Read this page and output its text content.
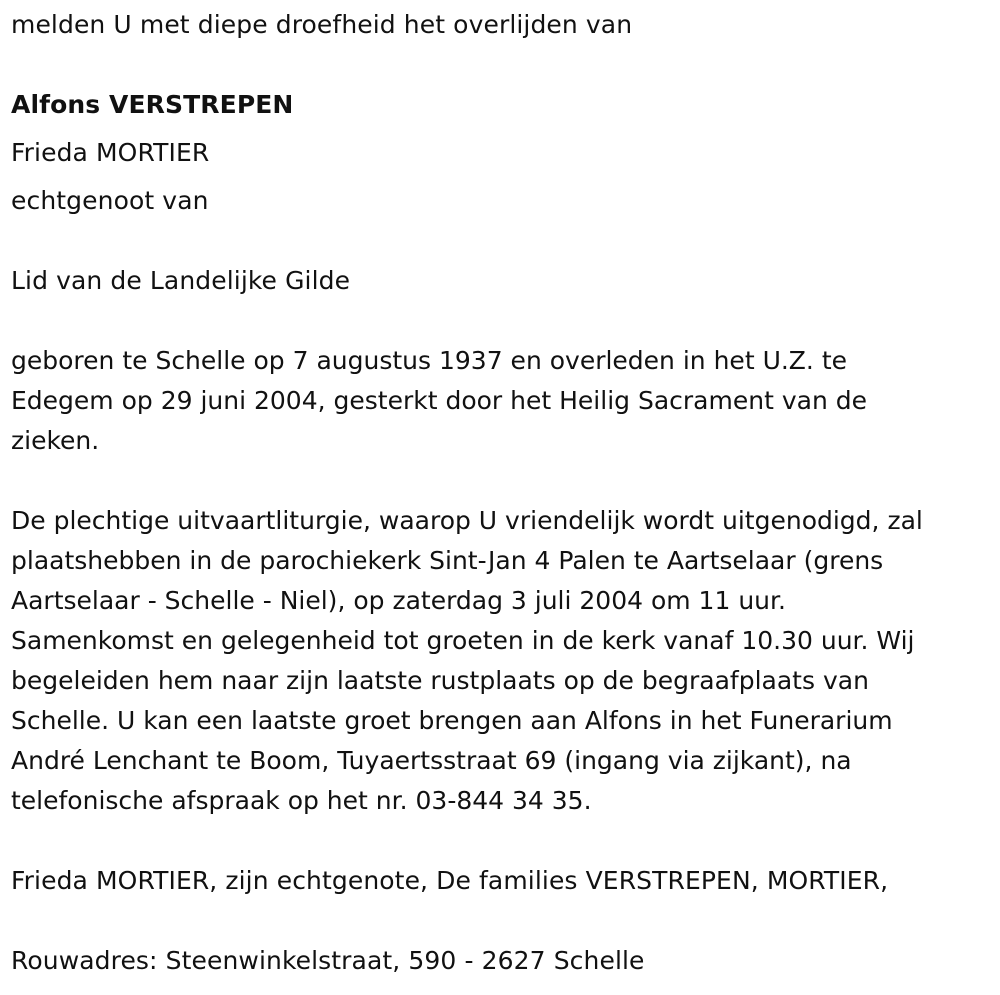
melden U met diepe droefheid het overlijden van
Alfons VERSTREPEN
Frieda MORTIER
echtgenoot van
Lid van de Landelijke Gilde
geboren te Schelle op 7 augustus 1937 en overleden in het U.Z. te
Edegem op 29 juni 2004, gesterkt door het Heilig Sacrament van de
zieken.
De plechtige uitvaartliturgie, waarop U vriendelijk wordt uitgenodigd, zal
plaatshebben in de parochiekerk Sint-Jan 4 Palen te Aartselaar (grens
Aartselaar - Schelle - Niel), op zaterdag 3 juli 2004 om 11 uur.
Samenkomst en gelegenheid tot groeten in de kerk vanaf 10.30 uur. Wij
begeleiden hem naar zijn laatste rustplaats op de begraafplaats van
Schelle. U kan een laatste groet brengen aan Alfons in het Funerarium
André Lenchant te Boom, Tuyaertsstraat 69 (ingang via zijkant), na
telefonische afspraak op het nr. 03-844 34 35.
Frieda MORTIER, zijn echtgenote, De families VERSTREPEN, MORTIER,
Rouwadres: Steenwinkelstraat, 590 - 2627 Schelle
